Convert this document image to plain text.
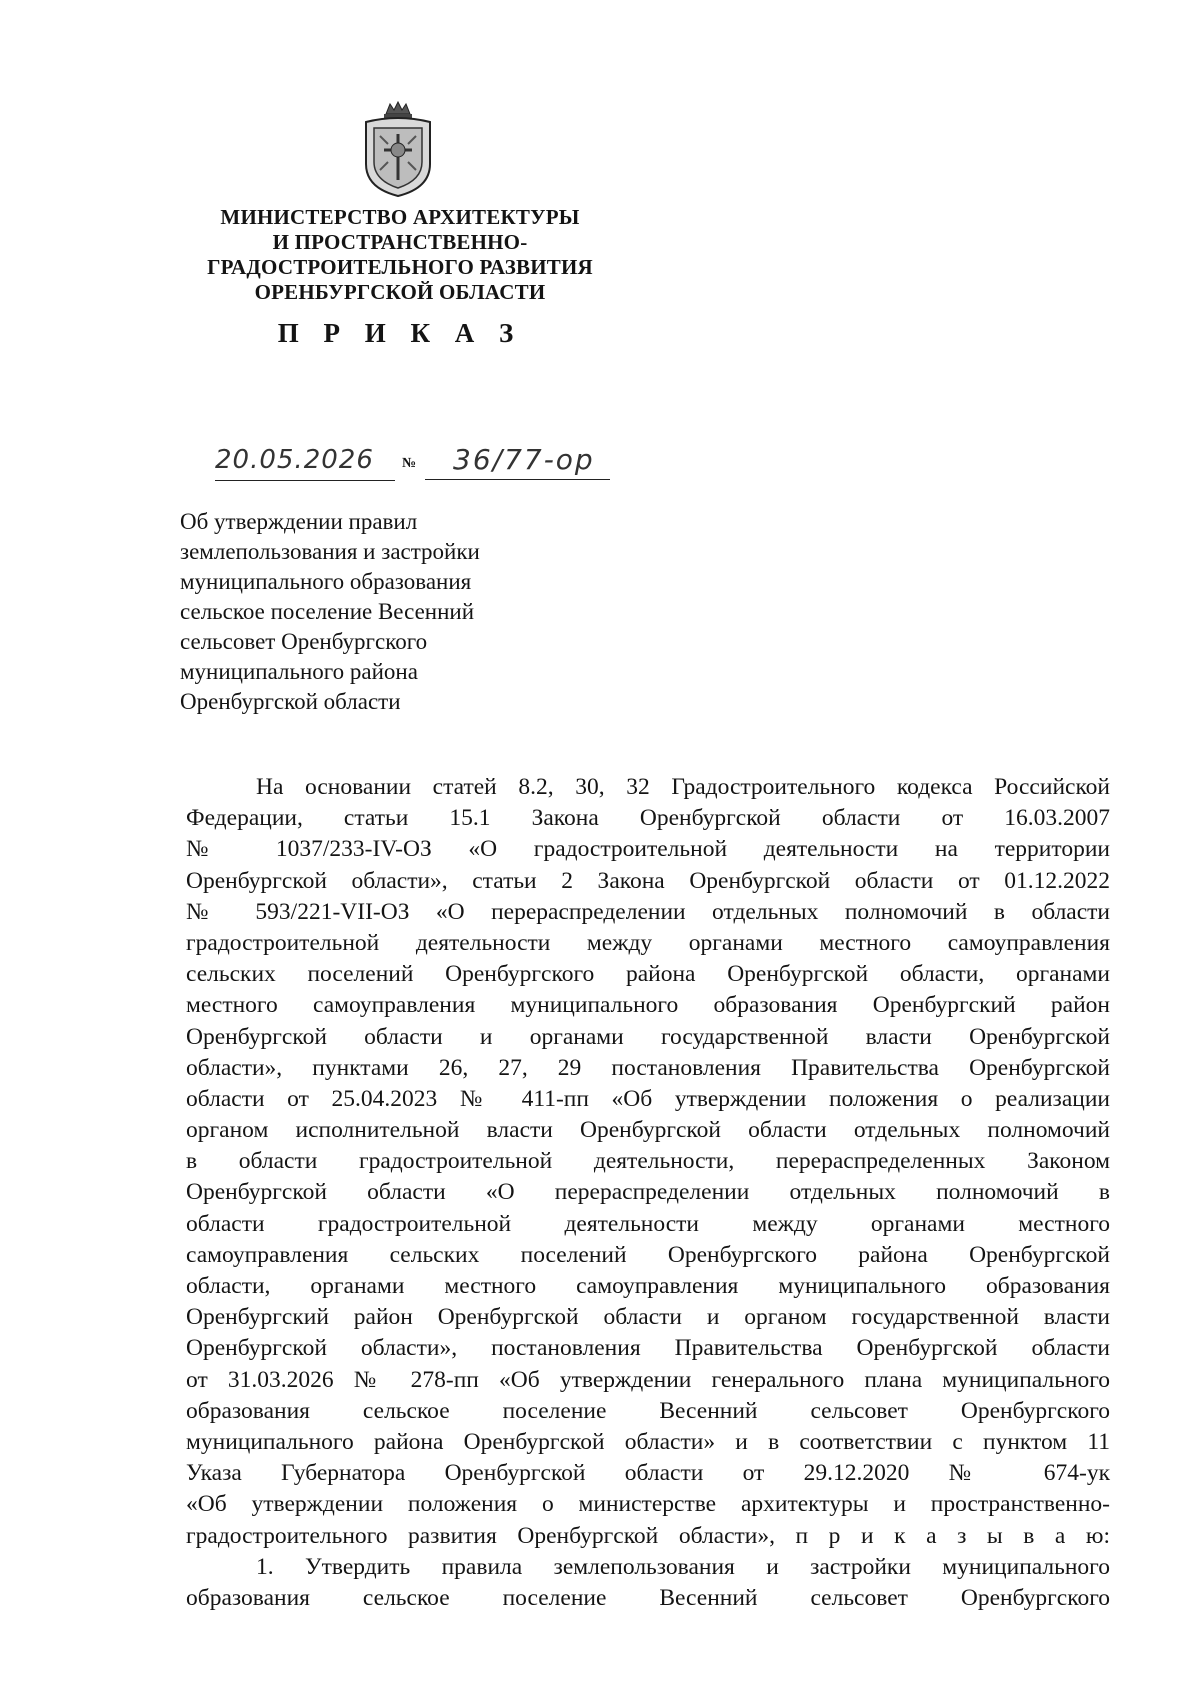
МИНИСТЕРСТВО АРХИТЕКТУРЫ
И ПРОСТРАНСТВЕННО-
ГРАДОСТРОИТЕЛЬНОГО РАЗВИТИЯ
ОРЕНБУРГСКОЙ ОБЛАСТИ
П Р И К А З
20.05.2026	№	36/77-ор
Об утверждении правил
землепользования и застройки
муниципального образования
сельское поселение Весенний
сельсовет Оренбургского
муниципального района
Оренбургской области
На основании статей 8.2, 30, 32 Градостроительного кодекса Российской
Федерации, статьи 15.1 Закона Оренбургской области от 16.03.2007
№ 1037/233-IV-ОЗ «О градостроительной деятельности на территории
Оренбургской области», статьи 2 Закона Оренбургской области от 01.12.2022
№ 593/221-VII-ОЗ «О перераспределении отдельных полномочий в области
градостроительной деятельности между органами местного самоуправления
сельских поселений Оренбургского района Оренбургской области, органами
местного самоуправления муниципального образования Оренбургский район
Оренбургской области и органами государственной власти Оренбургской
области», пунктами 26, 27, 29 постановления Правительства Оренбургской
области от 25.04.2023 № 411-пп «Об утверждении положения о реализации
органом исполнительной власти Оренбургской области отдельных полномочий
в области градостроительной деятельности, перераспределенных Законом
Оренбургской области «О перераспределении отдельных полномочий в
области градостроительной деятельности между органами местного
самоуправления сельских поселений Оренбургского района Оренбургской
области, органами местного самоуправления муниципального образования
Оренбургский район Оренбургской области и органом государственной власти
Оренбургской области», постановления Правительства Оренбургской области
от 31.03.2026 № 278-пп «Об утверждении генерального плана муниципального
образования сельское поселение Весенний сельсовет Оренбургского
муниципального района Оренбургской области» и в соответствии с пунктом 11
Указа Губернатора Оренбургской области от 29.12.2020 № 674-ук
«Об утверждении положения о министерстве архитектуры и пространственно-
градостроительного развития Оренбургской области», п р и к а з ы в а ю:
1. Утвердить правила землепользования и застройки муниципального
образования сельское поселение Весенний сельсовет Оренбургского
